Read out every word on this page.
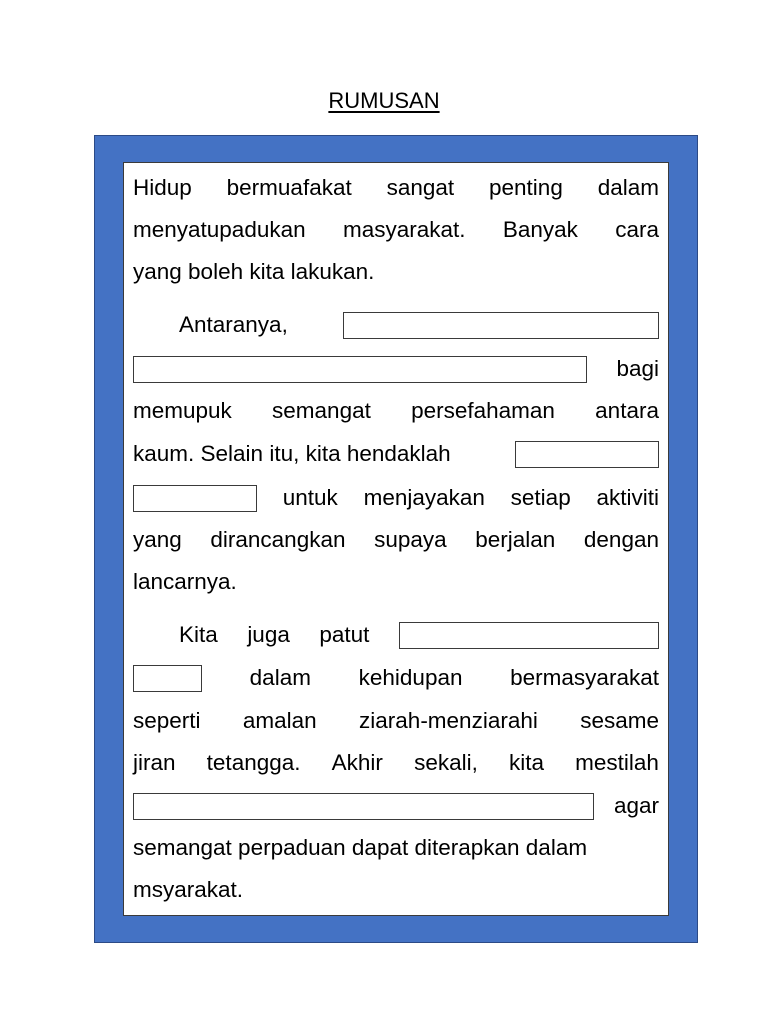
RUMUSAN
Hidup bermuafakat sangat penting dalam
menyatupadukan masyarakat. Banyak cara
yang boleh kita lakukan.
Antaranya,
bagi
memupuk semangat persefahaman antara
kaum. Selain itu, kita hendaklah
untuk menjayakan setiap aktiviti
yang dirancangkan supaya berjalan dengan
lancarnya.
Kita juga patut
dalam kehidupan bermasyarakat
seperti amalan ziarah-menziarahi sesame
jiran tetangga. Akhir sekali, kita mestilah
agar
semangat perpaduan dapat diterapkan dalam
msyarakat.
